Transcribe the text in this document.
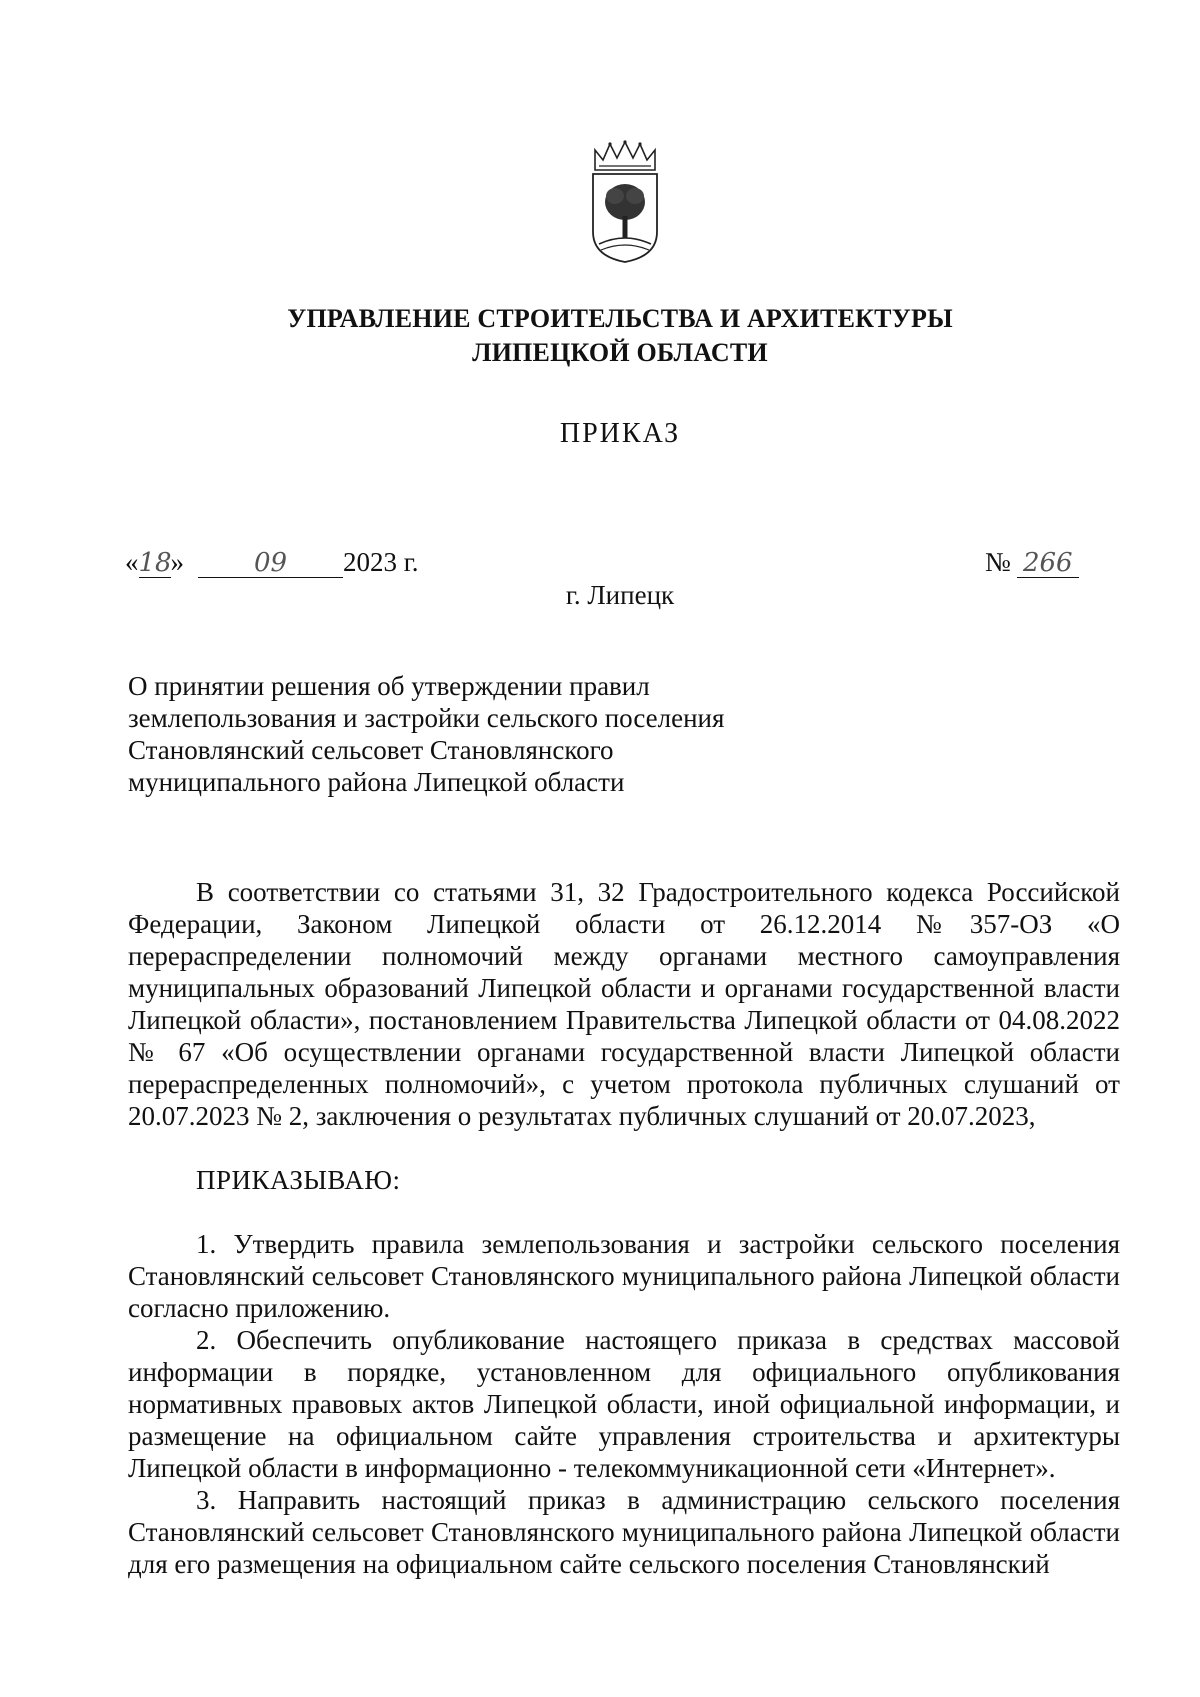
УПРАВЛЕНИЕ СТРОИТЕЛЬСТВА И АРХИТЕКТУРЫ
ЛИПЕЦКОЙ ОБЛАСТИ
ПРИКАЗ
«18»	09 2023 г.	№ 266
г. Липецк
О принятии решения об утверждении правил
землепользования и застройки сельского поселения
Становлянский сельсовет Становлянского
муниципального района Липецкой области

В соответствии со статьями 31, 32 Градостроительного кодекса Российской Федерации, Законом Липецкой области от 26.12.2014 №357-ОЗ «О перераспределении полномочий между органами местного самоуправления муниципальных образований Липецкой области и органами государственной власти Липецкой области», постановлением Правительства Липецкой области от 04.08.2022 № 67 «Об осуществлении органами государственной власти Липецкой области перераспределенных полномочий», с учетом протокола публичных слушаний от 20.07.2023 № 2, заключения о результатах публичных слушаний от 20.07.2023,

ПРИКАЗЫВАЮ:

1. Утвердить правила землепользования и застройки сельского поселения Становлянский сельсовет Становлянского муниципального района Липецкой области согласно приложению.

2. Обеспечить опубликование настоящего приказа в средствах массовой информации в порядке, установленном для официального опубликования нормативных правовых актов Липецкой области, иной официальной информации, и размещение на официальном сайте управления строительства и архитектуры Липецкой области в информационно - телекоммуникационной сети «Интернет».

3. Направить настоящий приказ в администрацию сельского поселения Становлянский сельсовет Становлянского муниципального района Липецкой области для его размещения на официальном сайте сельского поселения Становлянский
